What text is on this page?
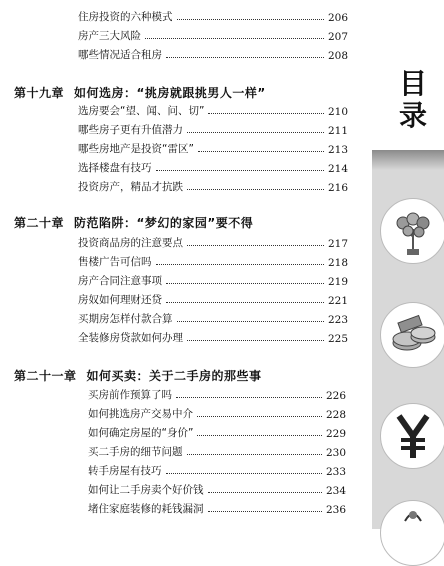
住房投资的六种模式	206
房产三大风险	207
哪些情况适合租房	208
第十九章 如何选房：“挑房就跟挑男人一样”
选房要会“望、闻、问、切”	210
哪些房子更有升值潜力	211
哪些房地产是投资“雷区”	213
选择楼盘有技巧	214
投资房产，精品才抗跌	216
第二十章 防范陷阱：“梦幻的家园”要不得
投资商品房的注意要点	217
售楼广告可信吗	218
房产合同注意事项	219
房奴如何理财还贷	221
买期房怎样付款合算	223
全装修房贷款如何办理	225
第二十一章 如何买卖：关于二手房的那些事
买房前作预算了吗	226
如何挑选房产交易中介	228
如何确定房屋的“身价”	229
买二手房的细节问题	230
转手房屋有技巧	233
如何让二手房卖个好价钱	234
堵住家庭装修的耗钱漏洞	236
目录
